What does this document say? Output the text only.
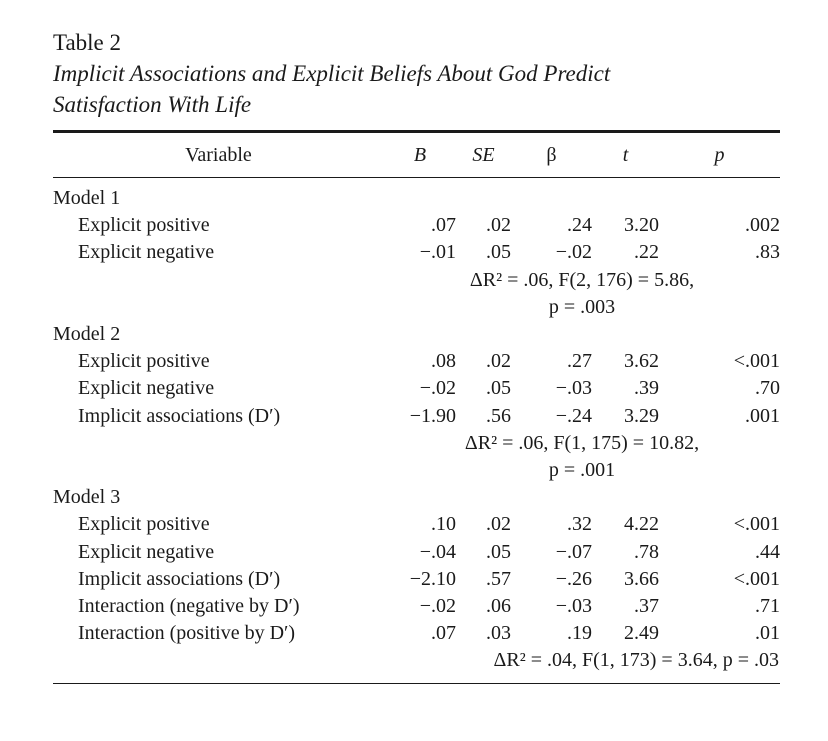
Table 2

Implicit Associations and Explicit Beliefs About God Predict

Satisfaction With Life

Variable	B	SE	β	t	p

Model 1					
Explicit positive	.07	.02	.24	3.20	.002
Explicit negative	−.01	.05	−.02	.22	.83
	ΔR² = .06, F(2, 176) = 5.86,				
	p = .003				
Model 2					
Explicit positive	.08	.02	.27	3.62	<.001
Explicit negative	−.02	.05	−.03	.39	.70
Implicit associations (D′)	−1.90	.56	−.24	3.29	.001
	ΔR² = .06, F(1, 175) = 10.82,				
	p = .001				
Model 3					
Explicit positive	.10	.02	.32	4.22	<.001
Explicit negative	−.04	.05	−.07	.78	.44
Implicit associations (D′)	−2.10	.57	−.26	3.66	<.001
Interaction (negative by D′)	−.02	.06	−.03	.37	.71
Interaction (positive by D′)	.07	.03	.19	2.49	.01
	ΔR² = .04, F(1, 173) = 3.64, p = .03				
